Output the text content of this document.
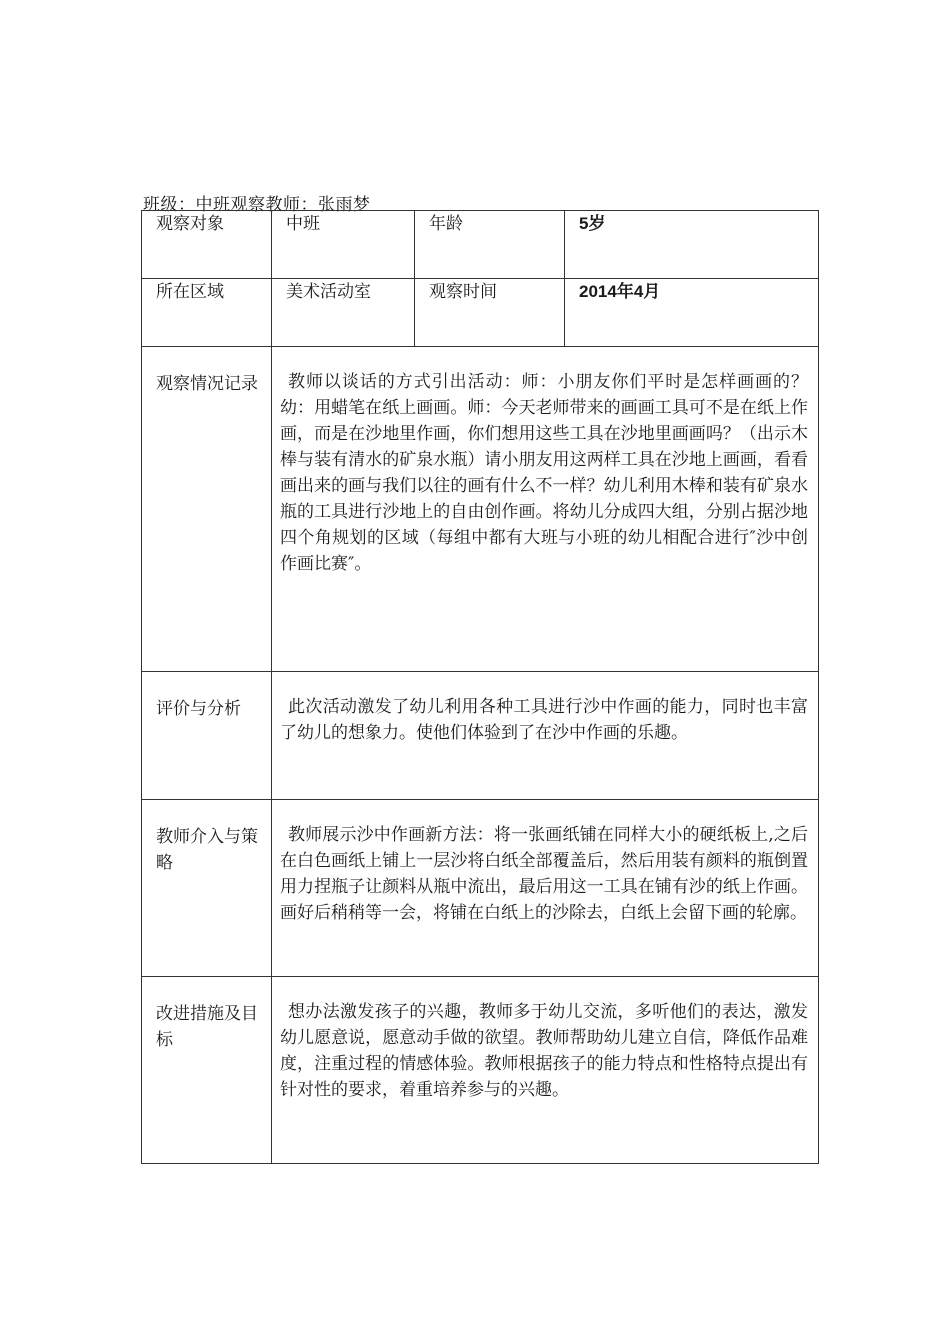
班级：中班观察教师：张雨梦
观察对象	中班	年龄	5岁
所在区域	美术活动室	观察时间	2014年4月
观察情况记录	教师以谈话的方式引出活动：师：小朋友你们平时是怎样画画的？幼：用蜡笔在纸上画画。师：今天老师带来的画画工具可不是在纸上作画，而是在沙地里作画，你们想用这些工具在沙地里画画吗？（出示木棒与装有清水的矿泉水瓶）请小朋友用这两样工具在沙地上画画，看看画出来的画与我们以往的画有什么不一样？幼儿利用木棒和装有矿泉水瓶的工具进行沙地上的自由创作画。将幼儿分成四大组，分别占据沙地四个角规划的区域（每组中都有大班与小班的幼儿相配合进行″沙中创作画比赛″。		
评价与分析	此次活动激发了幼儿利用各种工具进行沙中作画的能力，同时也丰富了幼儿的想象力。使他们体验到了在沙中作画的乐趣。		
教师介入与策略	教师展示沙中作画新方法：将一张画纸铺在同样大小的硬纸板上,之后在白色画纸上铺上一层沙将白纸全部覆盖后，然后用装有颜料的瓶倒置用力捏瓶子让颜料从瓶中流出，最后用这一工具在铺有沙的纸上作画。画好后稍稍等一会，将铺在白纸上的沙除去，白纸上会留下画的轮廓。		
改进措施及目标	想办法激发孩子的兴趣，教师多于幼儿交流，多听他们的表达，激发幼儿愿意说，愿意动手做的欲望。教师帮助幼儿建立自信，降低作品难度，注重过程的情感体验。教师根据孩子的能力特点和性格特点提出有针对性的要求，着重培养参与的兴趣。		
